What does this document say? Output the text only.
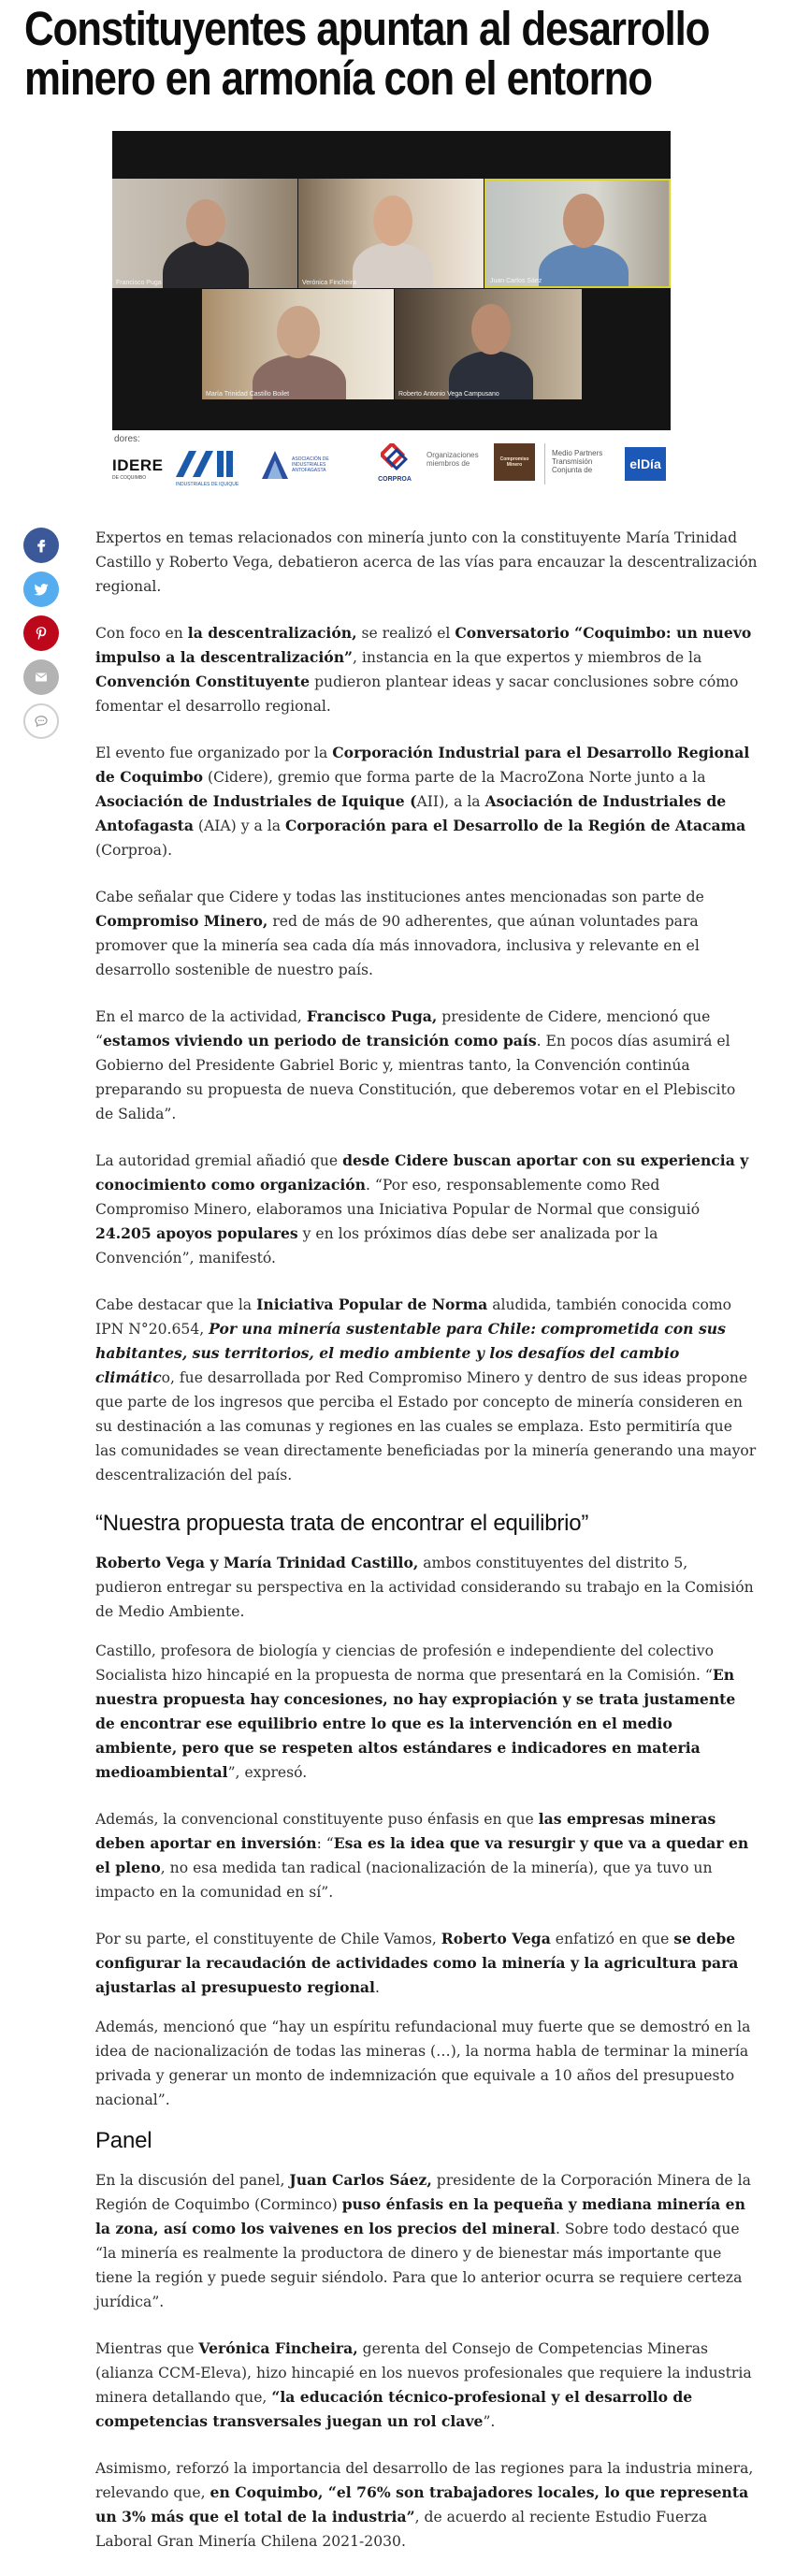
Constituyentes apuntan al desarrollo
minero en armonía con el entorno
Francisco Puga	Verónica Fincheira	Juan Carlos Sáez
María Trinidad Castillo Boilet	Roberto Antonio Vega Campusano
dores:
IDERE
DE COQUIMBO
INDUSTRIALES DE IQUIQUE
ASOCIACIÓN DE INDUSTRIALES ANTOFAGASTA
CORPROA
Organizaciones miembros de	Compromiso Minero
Medio Partners Transmisión Conjunta de	elDía

Expertos en temas relacionados con minería junto con la constituyente María Trinidad Castillo y Roberto Vega, debatieron acerca de las vías para encauzar la descentralización regional.

Con foco en la descentralización, se realizó el Conversatorio “Coquimbo: un nuevo impulso a la descentralización”, instancia en la que expertos y miembros de la Convención Constituyente pudieron plantear ideas y sacar conclusiones sobre cómo fomentar el desarrollo regional.

El evento fue organizado por la Corporación Industrial para el Desarrollo Regional de Coquimbo (Cidere), gremio que forma parte de la MacroZona Norte junto a la Asociación de Industriales de Iquique (AII), a la Asociación de Industriales de Antofagasta (AIA) y a la Corporación para el Desarrollo de la Región de Atacama (Corproa).

Cabe señalar que Cidere y todas las instituciones antes mencionadas son parte de Compromiso Minero, red de más de 90 adherentes, que aúnan voluntades para promover que la minería sea cada día más innovadora, inclusiva y relevante en el desarrollo sostenible de nuestro país.

En el marco de la actividad, Francisco Puga, presidente de Cidere, mencionó que “estamos viviendo un periodo de transición como país. En pocos días asumirá el Gobierno del Presidente Gabriel Boric y, mientras tanto, la Convención continúa preparando su propuesta de nueva Constitución, que deberemos votar en el Plebiscito de Salida”.

La autoridad gremial añadió que desde Cidere buscan aportar con su experiencia y conocimiento como organización. “Por eso, responsablemente como Red Compromiso Minero, elaboramos una Iniciativa Popular de Normal que consiguió 24.205 apoyos populares y en los próximos días debe ser analizada por la Convención”, manifestó.

Cabe destacar que la Iniciativa Popular de Norma aludida, también conocida como IPN N°20.654, Por una minería sustentable para Chile: comprometida con sus habitantes, sus territorios, el medio ambiente y los desafíos del cambio climático, fue desarrollada por Red Compromiso Minero y dentro de sus ideas propone que parte de los ingresos que perciba el Estado por concepto de minería consideren en su destinación a las comunas y regiones en las cuales se emplaza. Esto permitiría que las comunidades se vean directamente beneficiadas por la minería generando una mayor descentralización del país.

“Nuestra propuesta trata de encontrar el equilibrio”

Roberto Vega y María Trinidad Castillo, ambos constituyentes del distrito 5, pudieron entregar su perspectiva en la actividad considerando su trabajo en la Comisión de Medio Ambiente.

Castillo, profesora de biología y ciencias de profesión e independiente del colectivo Socialista hizo hincapié en la propuesta de norma que presentará en la Comisión. “En nuestra propuesta hay concesiones, no hay expropiación y se trata justamente de encontrar ese equilibrio entre lo que es la intervención en el medio ambiente, pero que se respeten altos estándares e indicadores en materia medioambiental”, expresó.

Además, la convencional constituyente puso énfasis en que las empresas mineras deben aportar en inversión: “Esa es la idea que va resurgir y que va a quedar en el pleno, no esa medida tan radical (nacionalización de la minería), que ya tuvo un impacto en la comunidad en sí”.

Por su parte, el constituyente de Chile Vamos, Roberto Vega enfatizó en que se debe configurar la recaudación de actividades como la minería y la agricultura para ajustarlas al presupuesto regional.

Además, mencionó que “hay un espíritu refundacional muy fuerte que se demostró en la idea de nacionalización de todas las mineras (…), la norma habla de terminar la minería privada y generar un monto de indemnización que equivale a 10 años del presupuesto nacional”.

Panel

En la discusión del panel, Juan Carlos Sáez, presidente de la Corporación Minera de la Región de Coquimbo (Corminco) puso énfasis en la pequeña y mediana minería en la zona, así como los vaivenes en los precios del mineral. Sobre todo destacó que “la minería es realmente la productora de dinero y de bienestar más importante que tiene la región y puede seguir siéndolo. Para que lo anterior ocurra se requiere certeza jurídica”.

Mientras que Verónica Fincheira, gerenta del Consejo de Competencias Mineras (alianza CCM-Eleva), hizo hincapié en los nuevos profesionales que requiere la industria minera detallando que, “la educación técnico-profesional y el desarrollo de competencias transversales juegan un rol clave”.

Asimismo, reforzó la importancia del desarrollo de las regiones para la industria minera, relevando que, en Coquimbo, “el 76% son trabajadores locales, lo que representa un 3% más que el total de la industria”, de acuerdo al reciente Estudio Fuerza Laboral Gran Minería Chilena 2021-2030.
